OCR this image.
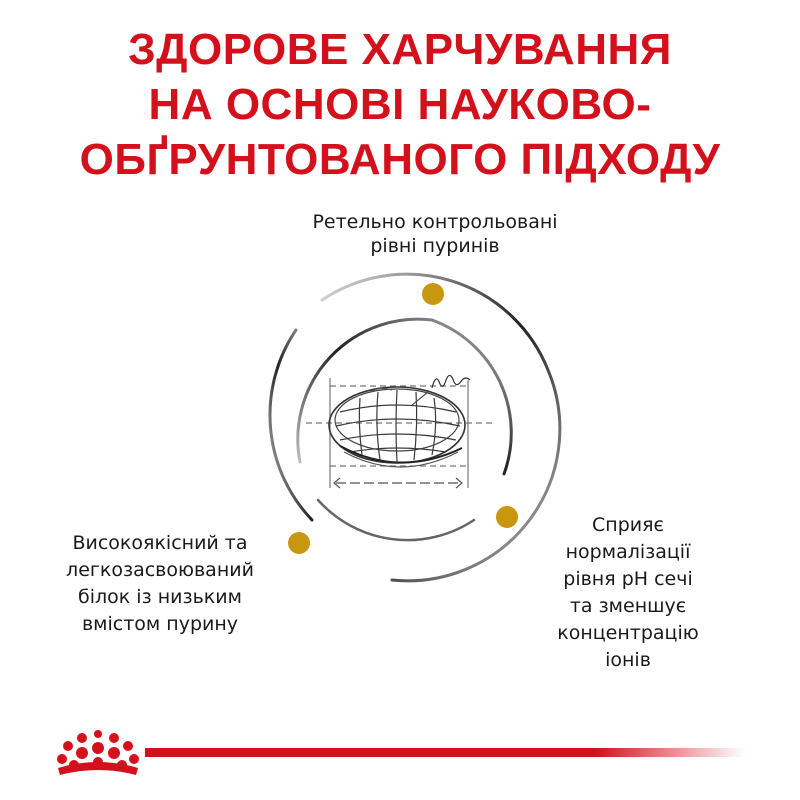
ЗДОРОВЕ ХАРЧУВАННЯ
НА ОСНОВІ НАУКОВО-
ОБҐРУНТОВАНОГО ПІДХОДУ
Ретельно контрольовані
рівні пуринів
Високоякісний та
легкозасвоюваний
білок із низьким
вмістом пурину
Сприяє
нормалізації
рівня pH сечі
та зменшує
концентрацію
іонів
